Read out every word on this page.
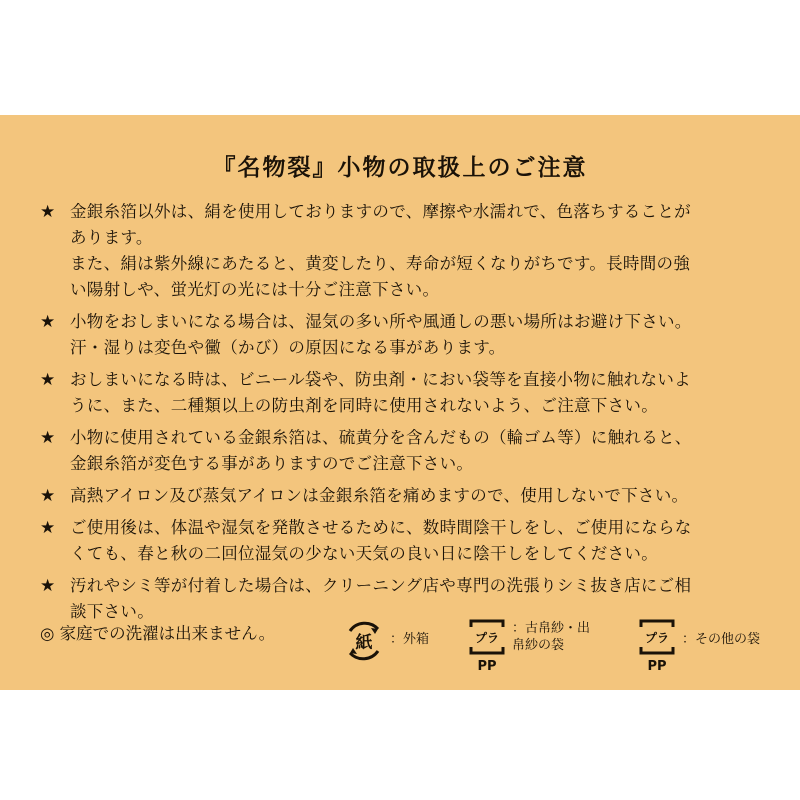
『名物裂』小物の取扱上のご注意
★ 金銀糸箔以外は、絹を使用しておりますので、摩擦や水濡れで、色落ちすることが
あります。
また、絹は紫外線にあたると、黄変したり、寿命が短くなりがちです。長時間の強
い陽射しや、蛍光灯の光には十分ご注意下さい。
★ 小物をおしまいになる場合は、湿気の多い所や風通しの悪い場所はお避け下さい。
汗・湿りは変色や黴（かび）の原因になる事があります。
★ おしまいになる時は、ビニール袋や、防虫剤・におい袋等を直接小物に触れないよ
うに、また、二種類以上の防虫剤を同時に使用されないよう、ご注意下さい。
★ 小物に使用されている金銀糸箔は、硫黄分を含んだもの（輪ゴム等）に触れると、
金銀糸箔が変色する事がありますのでご注意下さい。
★ 高熱アイロン及び蒸気アイロンは金銀糸箔を痛めますので、使用しないで下さい。
★ ご使用後は、体温や湿気を発散させるために、数時間陰干しをし、ご使用にならな
くても、春と秋の二回位湿気の少ない天気の良い日に陰干しをしてください。
★ 汚れやシミ等が付着した場合は、クリーニング店や専門の洗張りシミ抜き店にご相
談下さい。
◎ 家庭での洗濯は出来ません。	紙 ：外箱	プラ
PP
：古帛紗・出
帛紗の袋	プラ
PP
：その他の袋
